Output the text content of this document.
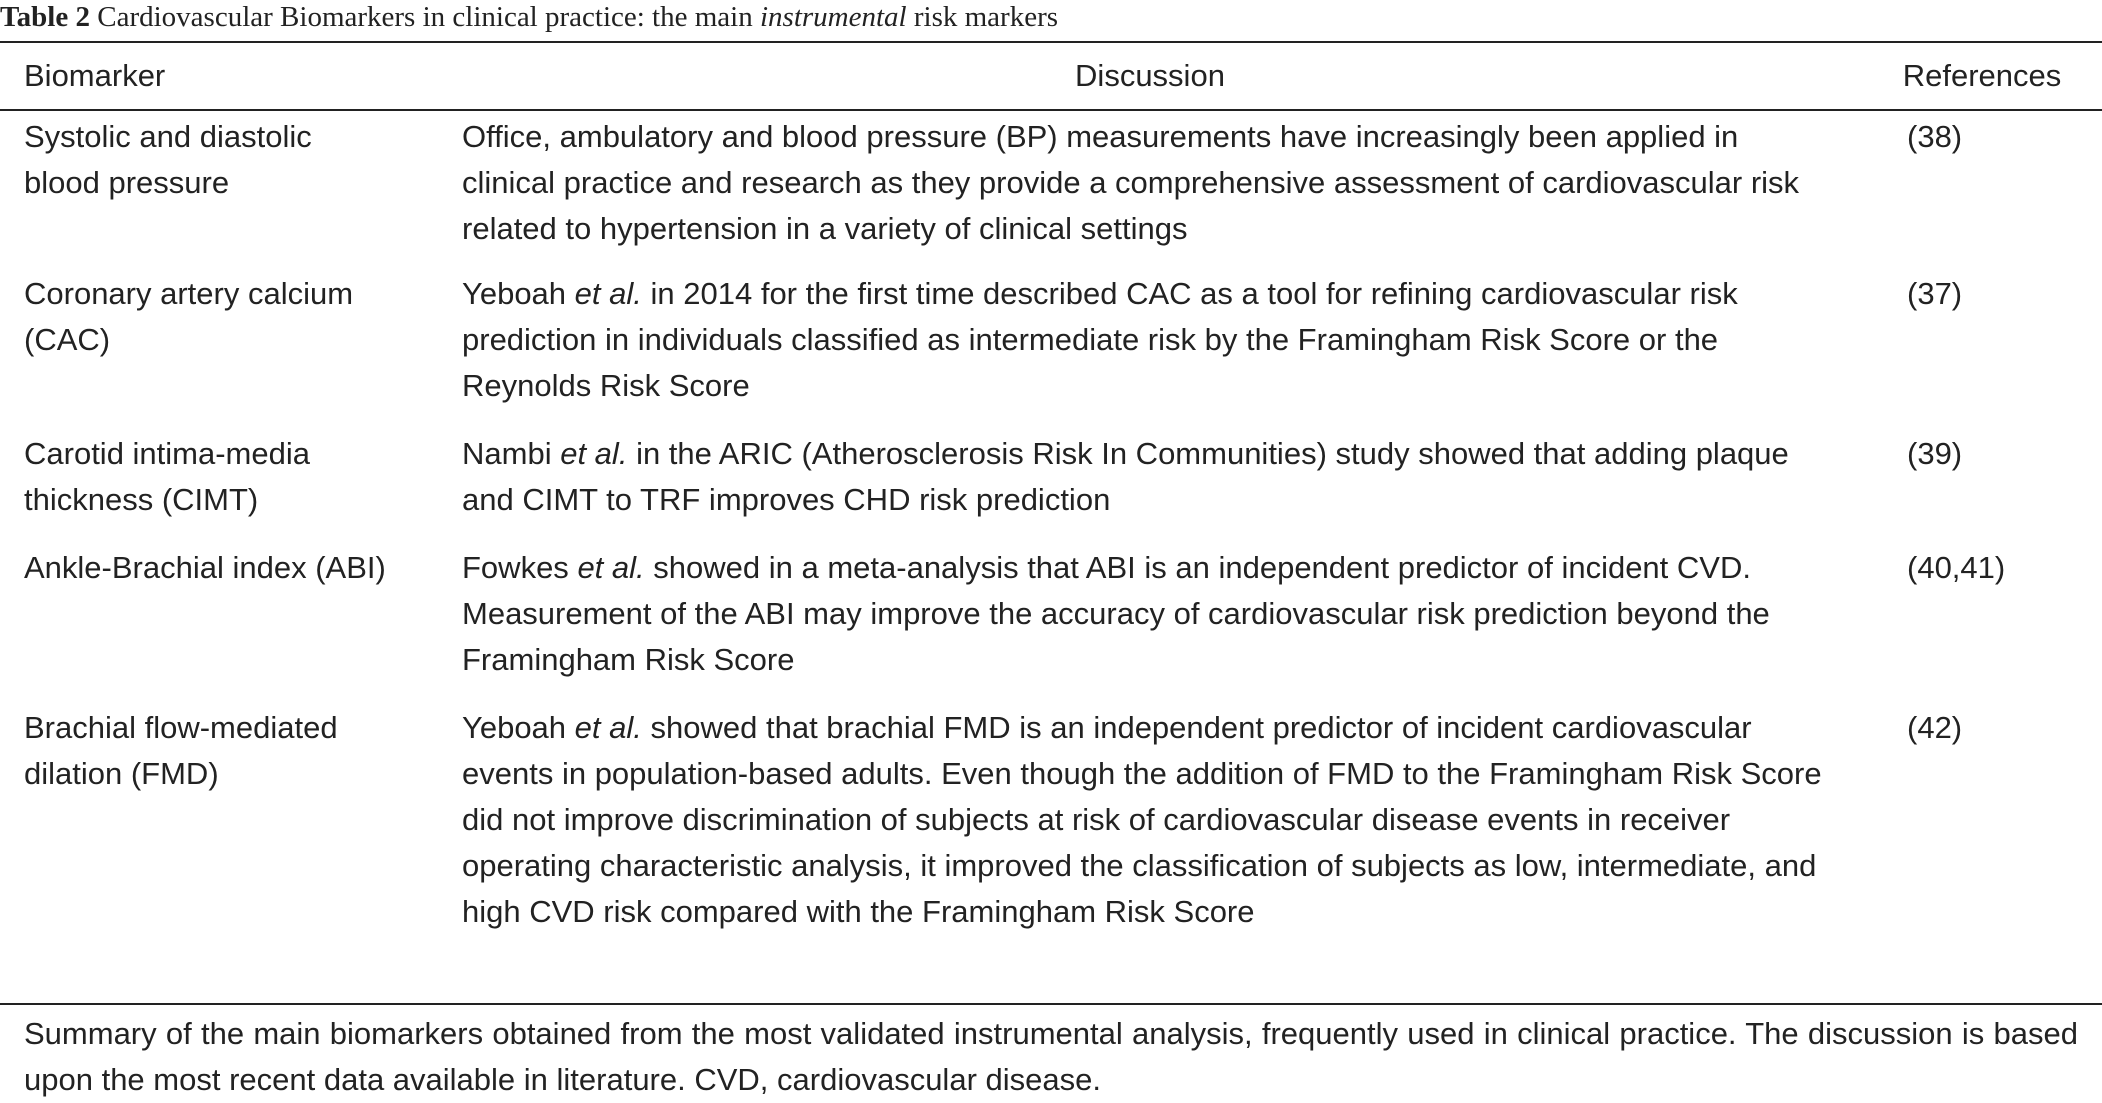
Table 2 Cardiovascular Biomarkers in clinical practice: the main instrumental risk markers
Biomarker	Discussion	References
Systolic and diastolic
blood pressure	Office, ambulatory and blood pressure (BP) measurements have increasingly been applied in clinical practice and research as they provide a comprehensive assessment of cardiovascular risk related to hypertension in a variety of clinical settings	(38)
Coronary artery calcium
(CAC)	Yeboah et al. in 2014 for the first time described CAC as a tool for refining cardiovascular risk prediction in individuals classified as intermediate risk by the Framingham Risk Score or the Reynolds Risk Score	(37)
Carotid intima-media
thickness (CIMT)	Nambi et al. in the ARIC (Atherosclerosis Risk In Communities) study showed that adding plaque and CIMT to TRF improves CHD risk prediction	(39)
Ankle-Brachial index (ABI)	Fowkes et al. showed in a meta-analysis that ABI is an independent predictor of incident CVD. Measurement of the ABI may improve the accuracy of cardiovascular risk prediction beyond the Framingham Risk Score	(40,41)
Brachial flow-mediated
dilation (FMD)	Yeboah et al. showed that brachial FMD is an independent predictor of incident cardiovascular events in population-based adults. Even though the addition of FMD to the Framingham Risk Score did not improve discrimination of subjects at risk of cardiovascular disease events in receiver operating characteristic analysis, it improved the classification of subjects as low, intermediate, and high CVD risk compared with the Framingham Risk Score	(42)
Summary of the main biomarkers obtained from the most validated instrumental analysis, frequently used in clinical practice. The discussion is based upon the most recent data available in literature. CVD, cardiovascular disease.
